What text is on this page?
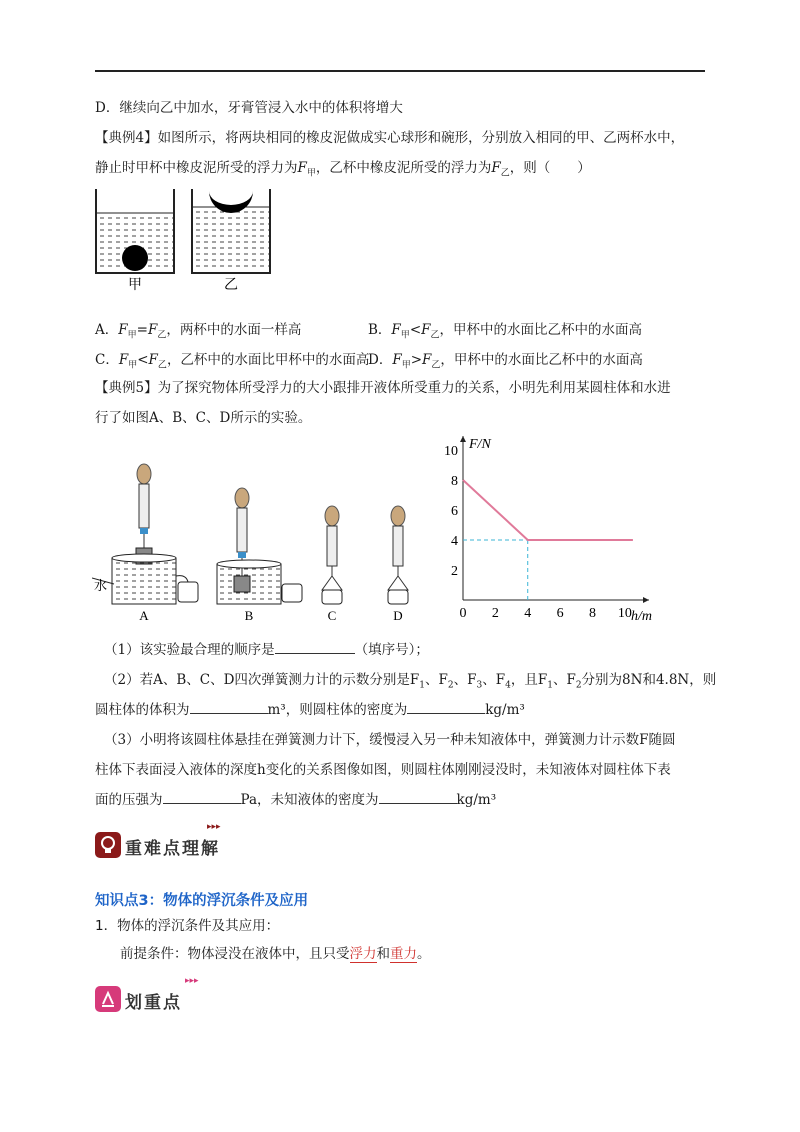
D．继续向乙中加水，牙膏管浸入水中的体积将增大
【典例4】如图所示，将两块相同的橡皮泥做成实心球形和碗形，分别放入相同的甲、乙两杯水中，
静止时甲杯中橡皮泥所受的浮力为$F_甲$，乙杯中橡皮泥所受的浮力为$F_乙$，则（　　）
甲	乙
A．$F_甲=F_乙$，两杯中的水面一样高	B．$F_甲<F_乙$，甲杯中的水面比乙杯中的水面高
C．$F_甲<F_乙$，乙杯中的水面比甲杯中的水面高
D．$F_甲>F_乙$，甲杯中的水面比乙杯中的水面高
【典例5】为了探究物体所受浮力的大小跟排开液体所受重力的关系，小明先利用某圆柱体和水进
行了如图A、B、C、D所示的实验。
水
A	B	C	D
F/N
h/m
0 2 4 6 8 10
2
4
6
8
10
（1）该实验最合理的顺序是	（填序号）；
（2）若A、B、C、D四次弹簧测力计的示数分别是$F_1$、$F_2$、$F_3$、$F_4$，且$F_1$、$F_2$分别为8N和4.8N，则
圆柱体的体积为	m³，则圆柱体的密度为	kg/m³
（3）小明将该圆柱体悬挂在弹簧测力计下，缓慢浸入另一种未知液体中，弹簧测力计示数F随圆
柱体下表面浸入液体的深度h变化的关系图像如图，则圆柱体刚刚浸没时，未知液体对圆柱体下表
面的压强为	Pa，未知液体的密度为	kg/m³
重难点理解
▸▸▸
知识点3：物体的浮沉条件及应用
1．物体的浮沉条件及其应用：
前提条件：物体浸没在液体中，且只受浮力和重力。
划重点
▸▸▸
